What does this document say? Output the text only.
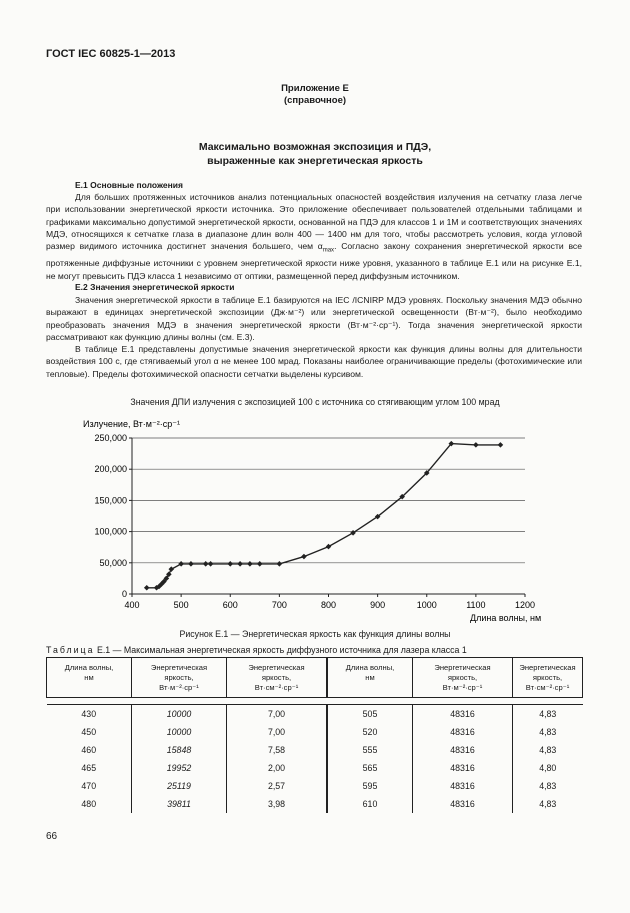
ГОСТ IEC 60825-1—2013
Приложение Е
(справочное)
Максимально возможная экспозиция и ПДЭ,
выраженные как энергетическая яркость
Е.1 Основные положения

Для больших протяженных источников анализ потенциальных опасностей воздействия излучения на сетчатку глаза легче при использовании энергетической яркости источника. Это приложение обеспечивает пользователей отдельными таблицами и графиками максимально допустимой энергетической яркости, основанной на ПДЭ для классов 1 и 1М и соответствующих значениях МДЭ, относящихся к сетчатке глаза в диапазоне длин волн 400 — 1400 нм для того, чтобы рассмотреть условия, когда угловой размер видимого источника достигнет значения большего, чем $\alpha_{max}$. Согласно закону сохранения энергетической яркости все протяженные диффузные источники с уровнем энергетической яркости ниже уровня, указанного в таблице Е.1 или на рисунке Е.1, не могут превысить ПДЭ класса 1 независимо от оптики, размещенной перед диффузным источником.

Е.2 Значения энергетической яркости

Значения энергетической яркости в таблице Е.1 базируются на IEC /ICNIRP МДЭ уровнях. Поскольку значения МДЭ обычно выражают в единицах энергетической экспозиции (Дж·м⁻²) или энергетической освещенности (Вт·м⁻²), было необходимо преобразовать значения МДЭ в значения энергетической яркости (Вт·м⁻²·ср⁻¹). Тогда значения энергетической яркости рассматривают как функцию длины волны (см. Е.3).

В таблице Е.1 представлены допустимые значения энергетической яркости как функция длины волны для длительности воздействия 100 с, где стягиваемый угол α не менее 100 мрад. Показаны наиболее ограничивающие пределы (фотохимические или тепловые). Пределы фотохимической опасности сетчатки выделены курсивом.

Значения ДПИ излучения с экспозицией 100 с источника со стягивающим углом 100 мрад
Излучение, Вт·м⁻²·ср⁻¹
0
50,000
100,000
150,000
200,000
250,000
400	500	600	700	800	900	1000	1100	1200
Длина волны, нм
Рисунок Е.1 — Энергетическая яркость как функция длины волны
Таблица Е.1 — Максимальная энергетическая яркость диффузного источника для лазера класса 1
Длина волны,
нм	Энергетическая
яркость,
Вт·м⁻²·ср⁻¹	Энергетическая
яркость,
Вт·см⁻²·ср⁻¹	Длина волны,
нм	Энергетическая
яркость,
Вт·м⁻²·ср⁻¹	Энергетическая
яркость,
Вт·см⁻²·ср⁻¹

430	10000	7,00	505	48316	4,83
450	10000	7,00	520	48316	4,83
460	15848	7,58	555	48316	4,83
465	19952	2,00	565	48316	4,80
470	25119	2,57	595	48316	4,83
480	39811	3,98	610	48316	4,83
66
